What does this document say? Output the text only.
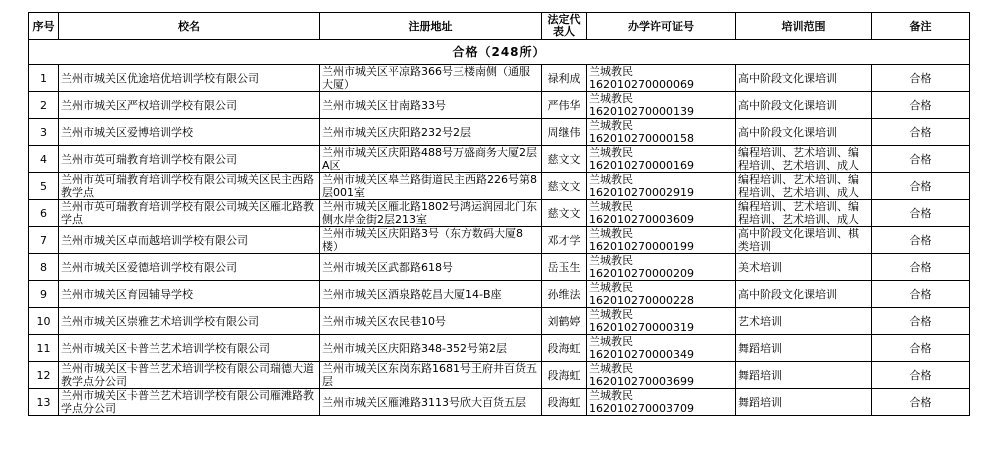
序号	校名	注册地址	法定代表人	办学许可证号	培训范围	备注
合格（248所）						

1	兰州市城关区优途培优培训学校有限公司	兰州市城关区平凉路366号三楼南侧（通服大厦）	禄利成	兰城教民162010270000069	高中阶段文化课培训	合格

2	兰州市城关区严权培训学校有限公司	兰州市城关区甘南路33号	严伟华	兰城教民162010270000139	高中阶段文化课培训	合格

3	兰州市城关区爱博培训学校	兰州市城关区庆阳路232号2层	周继伟	兰城教民162010270000158	高中阶段文化课培训	合格

4	兰州市英可瑞教育培训学校有限公司	兰州市城关区庆阳路488号万盛商务大厦2层A区	慈文文	兰城教民162010270000169	编程培训、艺术培训、编程培训、艺术培训、成人	合格

5	兰州市英可瑞教育培训学校有限公司城关区民主西路教学点	兰州市城关区皋兰路街道民主西路226号第8层001室	慈文文	兰城教民162010270002919	编程培训、艺术培训、编程培训、艺术培训、成人	合格

6	兰州市英可瑞教育培训学校有限公司城关区雁北路教学点	兰州市城关区雁北路1802号鸿运润园北门东侧水岸金街2层213室	慈文文	兰城教民162010270003609	编程培训、艺术培训、编程培训、艺术培训、成人	合格

7	兰州市城关区卓而越培训学校有限公司	兰州市城关区庆阳路3号（东方数码大厦8楼）	邓才学	兰城教民162010270000199	高中阶段文化课培训、棋类培训	合格

8	兰州市城关区爱德培训学校有限公司	兰州市城关区武都路618号	岳玉生	兰城教民162010270000209	美术培训	合格

9	兰州市城关区育园辅导学校	兰州市城关区酒泉路乾昌大厦14-B座	孙维法	兰城教民162010270000228	高中阶段文化课培训	合格

10	兰州市城关区崇雅艺术培训学校有限公司	兰州市城关区农民巷10号	刘鹤婷	兰城教民162010270000319	艺术培训	合格

11	兰州市城关区卡普兰艺术培训学校有限公司	兰州市城关区庆阳路348-352号第2层	段海虹	兰城教民162010270000349	舞蹈培训	合格

12	兰州市城关区卡普兰艺术培训学校有限公司瑞德大道教学点分公司	兰州市城关区东岗东路1681号王府井百货五层	段海虹	兰城教民162010270003699	舞蹈培训	合格

13	兰州市城关区卡普兰艺术培训学校有限公司雁滩路教学点分公司	兰州市城关区雁滩路3113号欣大百货五层	段海虹	兰城教民162010270003709	舞蹈培训	合格
